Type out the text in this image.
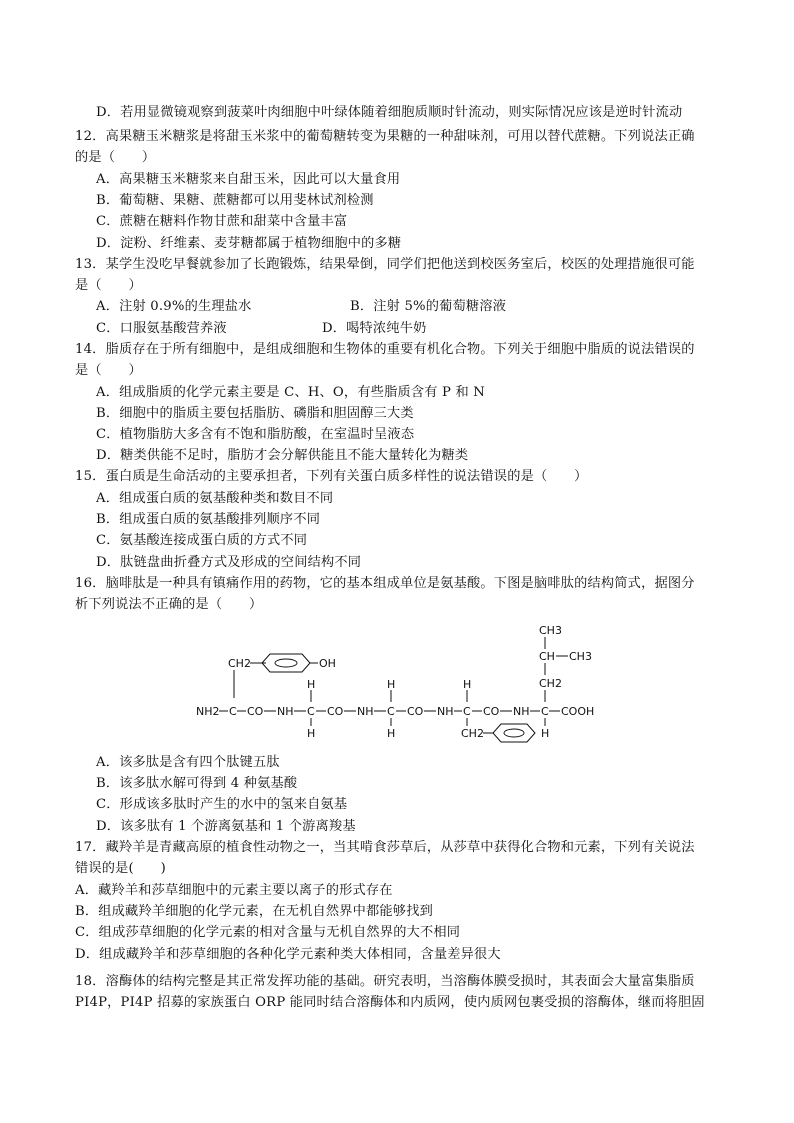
D．若用显微镜观察到菠菜叶肉细胞中叶绿体随着细胞质顺时针流动，则实际情况应该是逆时针流动
12．高果糖玉米糖浆是将甜玉米浆中的葡萄糖转变为果糖的一种甜味剂，可用以替代蔗糖。下列说法正确
的是（　　）
A．高果糖玉米糖浆来自甜玉米，因此可以大量食用
B．葡萄糖、果糖、蔗糖都可以用斐林试剂检测
C．蔗糖在糖料作物甘蔗和甜菜中含量丰富
D．淀粉、纤维素、麦芽糖都属于植物细胞中的多糖
13．某学生没吃早餐就参加了长跑锻炼，结果晕倒，同学们把他送到校医务室后，校医的处理措施很可能
是（　　）
A．注射 0.9%的生理盐水	B．注射 5%的葡萄糖溶液
C．口服氨基酸营养液	D．喝特浓纯牛奶
14．脂质存在于所有细胞中，是组成细胞和生物体的重要有机化合物。下列关于细胞中脂质的说法错误的
是（　　）
A．组成脂质的化学元素主要是 C、H、O，有些脂质含有 P 和 N
B．细胞中的脂质主要包括脂肪、磷脂和胆固醇三大类
C．植物脂肪大多含有不饱和脂肪酸，在室温时呈液态
D．糖类供能不足时，脂肪才会分解供能且不能大量转化为糖类
15．蛋白质是生命活动的主要承担者，下列有关蛋白质多样性的说法错误的是（　　）
A．组成蛋白质的氨基酸种类和数目不同
B．组成蛋白质的氨基酸排列顺序不同
C．氨基酸连接成蛋白质的方式不同
D．肽链盘曲折叠方式及形成的空间结构不同
16．脑啡肽是一种具有镇痛作用的药物，它的基本组成单位是氨基酸。下图是脑啡肽的结构简式，据图分
析下列说法不正确的是（　　）
CH2	OH
NH2 C CO NH C
H
H
CO NH C
H
H
CO NH C
H
CH2
CO NH C COOH
H
CH3
CH CH3
CH2
A．该多肽是含有四个肽键五肽
B．该多肽水解可得到 4 种氨基酸
C．形成该多肽时产生的水中的氢来自氨基
D．该多肽有 1 个游离氨基和 1 个游离羧基
17．藏羚羊是青藏高原的植食性动物之一，当其啃食莎草后，从莎草中获得化合物和元素，下列有关说法
错误的是(　　)
A．藏羚羊和莎草细胞中的元素主要以离子的形式存在
B．组成藏羚羊细胞的化学元素，在无机自然界中都能够找到
C．组成莎草细胞的化学元素的相对含量与无机自然界的大不相同
D．组成藏羚羊和莎草细胞的各种化学元素种类大体相同，含量差异很大
18．溶酶体的结构完整是其正常发挥功能的基础。研究表明，当溶酶体膜受损时，其表面会大量富集脂质
PI4P，PI4P 招募的家族蛋白 ORP 能同时结合溶酶体和内质网，使内质网包裹受损的溶酶体，继而将胆固
